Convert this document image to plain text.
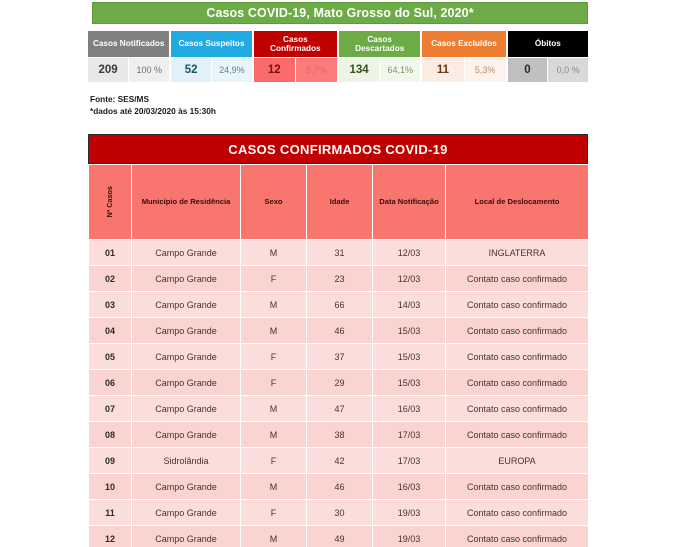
Casos COVID-19, Mato Grosso do Sul, 2020*
Casos Notificados
209	100 %
Casos Suspeitos
52	24,9%
Casos Confirmados
12	5,7%
Casos Descartados
134	64,1%
Casos Excluídos
11	5,3%
Óbitos
0	0,0 %
Fonte: SES/MS
*dados até 20/03/2020 às 15:30h
CASOS CONFIRMADOS COVID-19
Nº Casos	Município de Residência	Sexo	Idade	Data Notificação	Local de Deslocamento
01	Campo Grande	M	31	12/03	INGLATERRA
02	Campo Grande	F	23	12/03	Contato caso confirmado
03	Campo Grande	M	66	14/03	Contato caso confirmado
04	Campo Grande	M	46	15/03	Contato caso confirmado
05	Campo Grande	F	37	15/03	Contato caso confirmado
06	Campo Grande	F	29	15/03	Contato caso confirmado
07	Campo Grande	M	47	16/03	Contato caso confirmado
08	Campo Grande	M	38	17/03	Contato caso confirmado
09	Sidrolândia	F	42	17/03	EUROPA
10	Campo Grande	M	46	16/03	Contato caso confirmado
11	Campo Grande	F	30	19/03	Contato caso confirmado
12	Campo Grande	M	49	19/03	Contato caso confirmado
